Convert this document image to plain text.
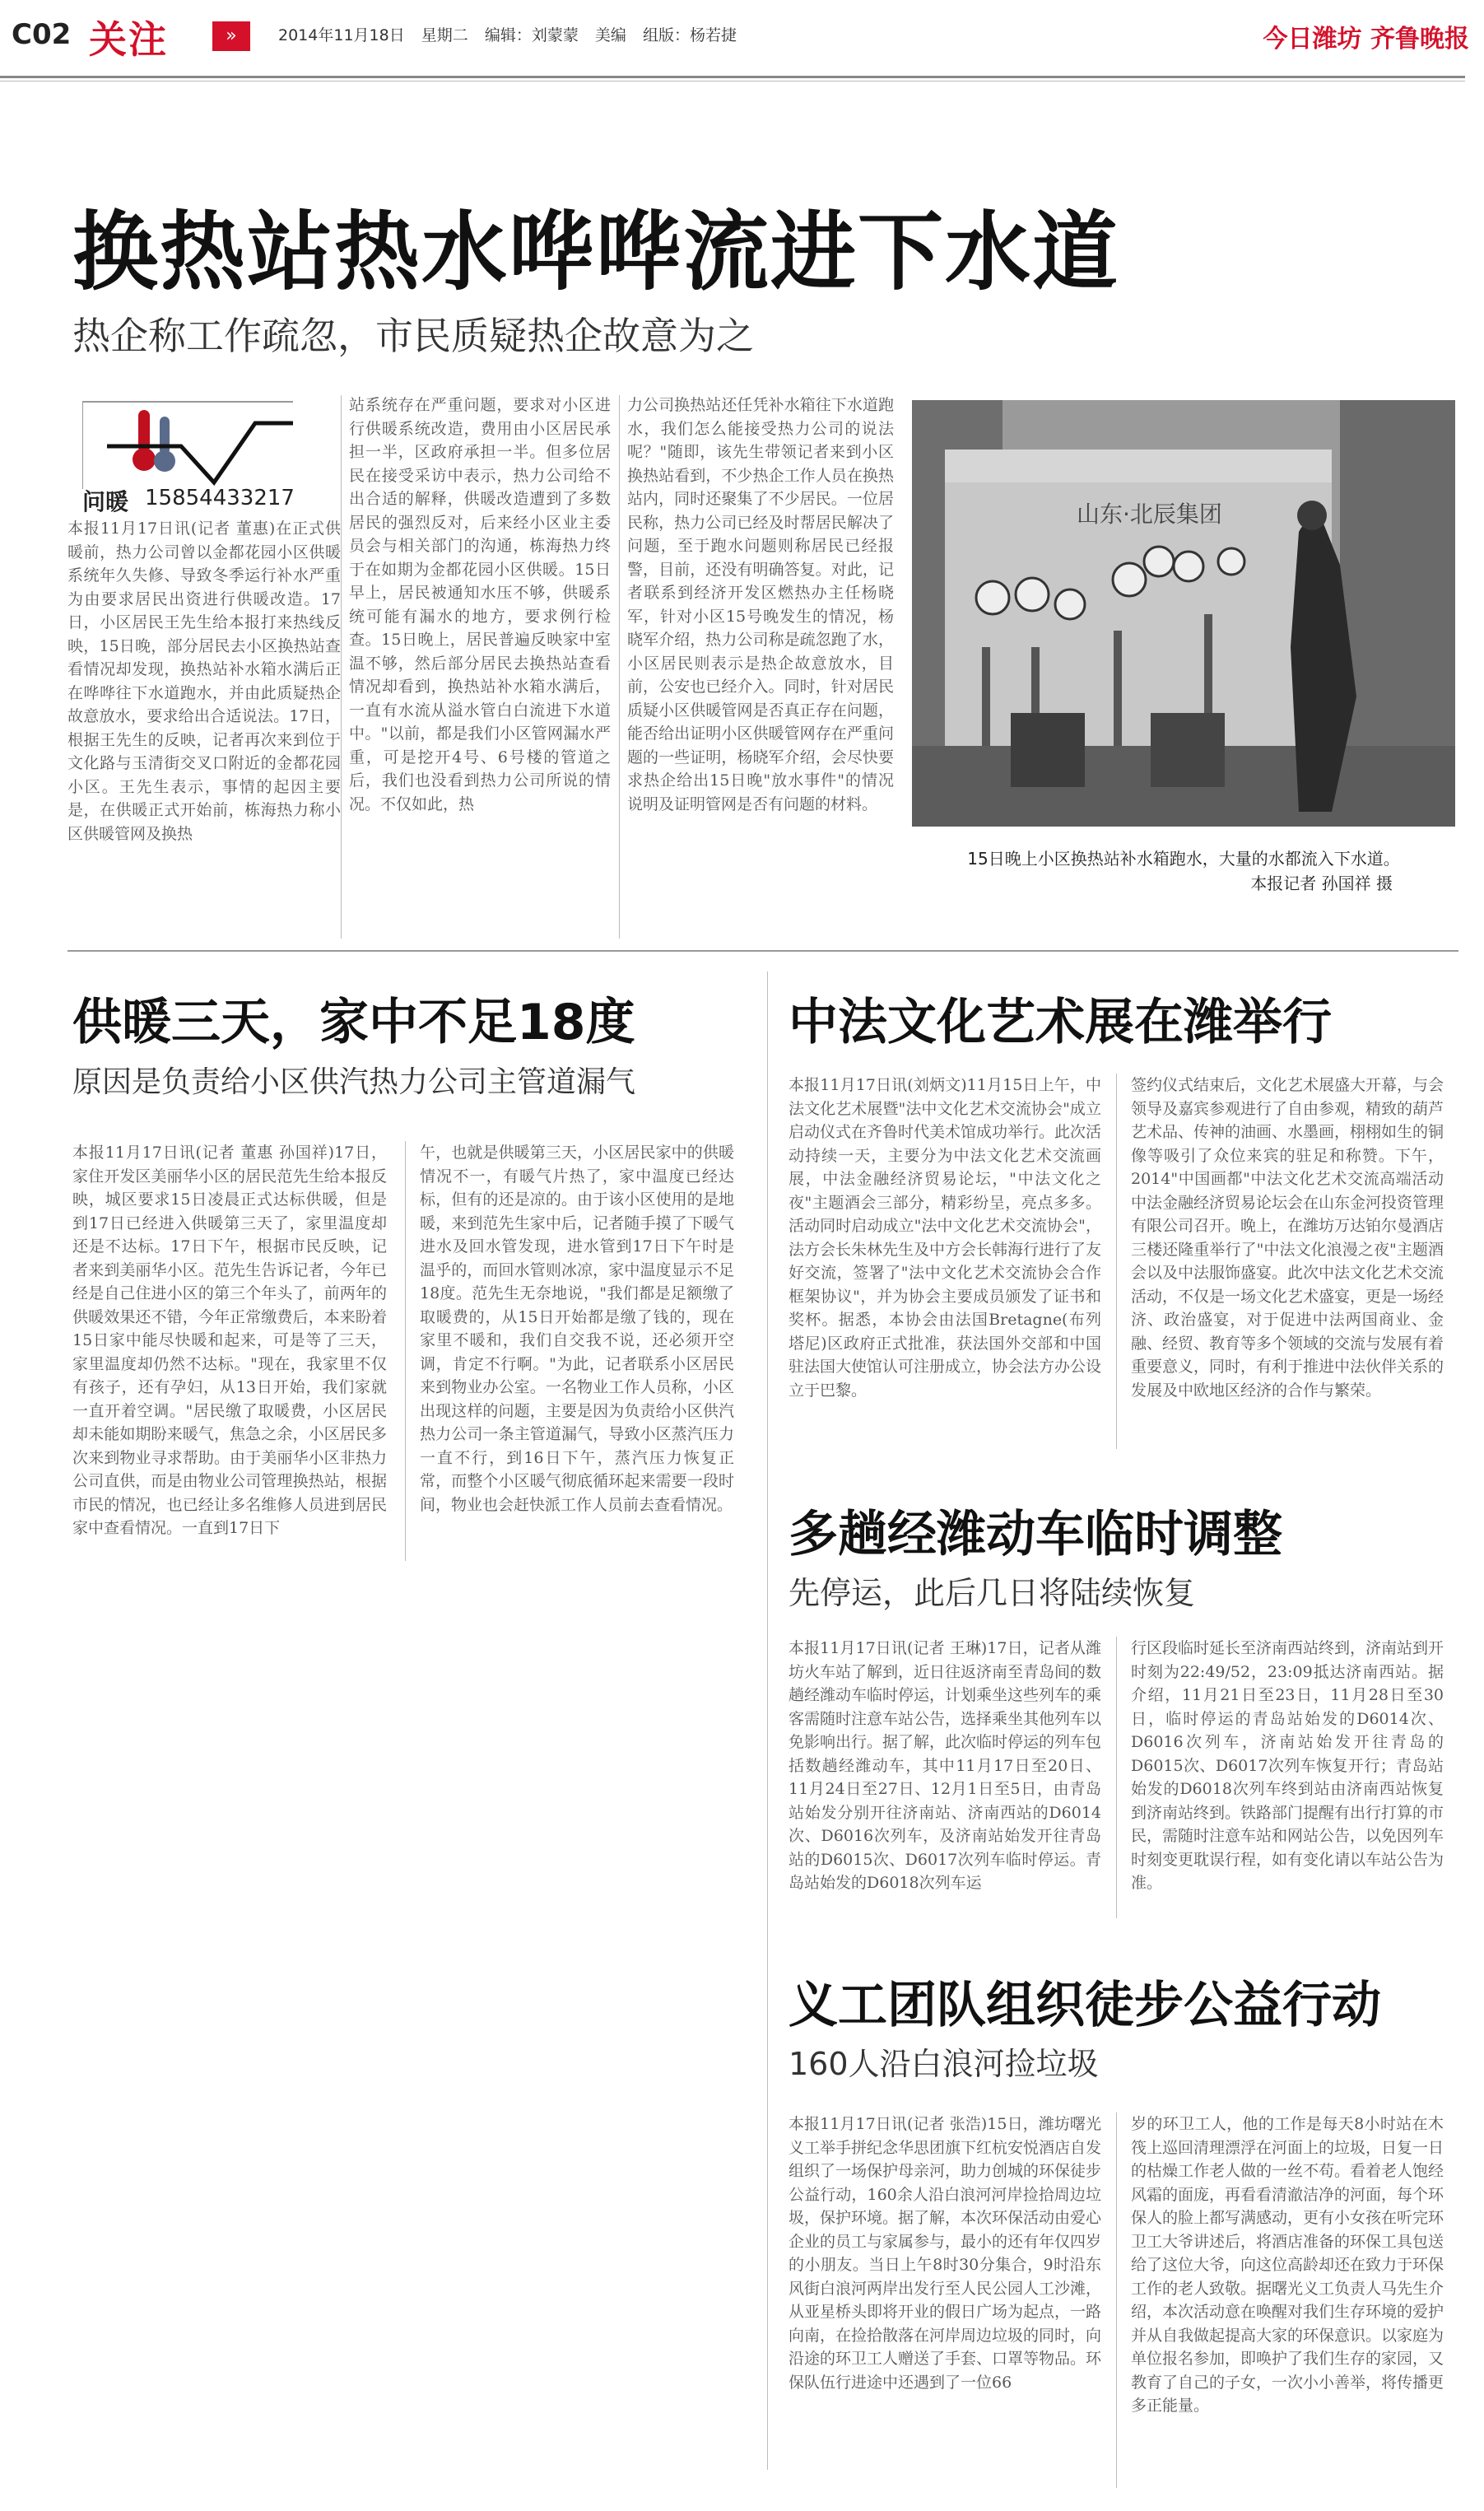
C02 关注	»	2014年11月18日 星期二 编辑：刘蒙蒙 美编 组版：杨若捷	今日潍坊 齐鲁晚报
换热站热水哗哗流进下水道
热企称工作疏忽，市民质疑热企故意为之
问暖 15854433217
本报11月17日讯(记者 董惠)在正式供暖前，热力公司曾以金都花园小区供暖系统年久失修、导致冬季运行补水严重为由要求居民出资进行供暖改造。17日，小区居民王先生给本报打来热线反映，15日晚，部分居民去小区换热站查看情况却发现，换热站补水箱水满后正在哗哗往下水道跑水，并由此质疑热企故意放水，要求给出合适说法。17日，根据王先生的反映，记者再次来到位于文化路与玉清街交叉口附近的金都花园小区。王先生表示，事情的起因主要是，在供暖正式开始前，栋海热力称小区供暖管网及换热
站系统存在严重问题，要求对小区进行供暖系统改造，费用由小区居民承担一半，区政府承担一半。但多位居民在接受采访中表示，热力公司给不出合适的解释，供暖改造遭到了多数居民的强烈反对，后来经小区业主委员会与相关部门的沟通，栋海热力终于在如期为金都花园小区供暖。15日早上，居民被通知水压不够，供暖系统可能有漏水的地方，要求例行检查。15日晚上，居民普遍反映家中室温不够，然后部分居民去换热站查看情况却看到，换热站补水箱水满后，一直有水流从溢水管白白流进下水道中。"以前，都是我们小区管网漏水严重，可是挖开4号、6号楼的管道之后，我们也没看到热力公司所说的情况。不仅如此，热
力公司换热站还任凭补水箱往下水道跑水，我们怎么能接受热力公司的说法呢？"随即，该先生带领记者来到小区换热站看到，不少热企工作人员在换热站内，同时还聚集了不少居民。一位居民称，热力公司已经及时帮居民解决了问题，至于跑水问题则称居民已经报警，目前，还没有明确答复。对此，记者联系到经济开发区燃热办主任杨晓军，针对小区15号晚发生的情况，杨晓军介绍，热力公司称是疏忽跑了水，小区居民则表示是热企故意放水，目前，公安也已经介入。同时，针对居民质疑小区供暖管网是否真正存在问题，能否给出证明小区供暖管网存在严重问题的一些证明，杨晓军介绍，会尽快要求热企给出15日晚"放水事件"的情况说明及证明管网是否有问题的材料。
山东·北辰集团
15日晚上小区换热站补水箱跑水，大量的水都流入下水道。
本报记者 孙国祥 摄
供暖三天，家中不足18度
原因是负责给小区供汽热力公司主管道漏气
本报11月17日讯(记者 董惠 孙国祥)17日，家住开发区美丽华小区的居民范先生给本报反映，城区要求15日凌晨正式达标供暖，但是到17日已经进入供暖第三天了，家里温度却还是不达标。17日下午，根据市民反映，记者来到美丽华小区。范先生告诉记者，今年已经是自己住进小区的第三个年头了，前两年的供暖效果还不错，今年正常缴费后，本来盼着15日家中能尽快暖和起来，可是等了三天，家里温度却仍然不达标。"现在，我家里不仅有孩子，还有孕妇，从13日开始，我们家就一直开着空调。"居民缴了取暖费，小区居民却未能如期盼来暖气，焦急之余，小区居民多次来到物业寻求帮助。由于美丽华小区非热力公司直供，而是由物业公司管理换热站，根据市民的情况，也已经让多名维修人员进到居民家中查看情况。一直到17日下
午，也就是供暖第三天，小区居民家中的供暖情况不一，有暖气片热了，家中温度已经达标，但有的还是凉的。由于该小区使用的是地暖，来到范先生家中后，记者随手摸了下暖气进水及回水管发现，进水管到17日下午时是温乎的，而回水管则冰凉，家中温度显示不足18度。范先生无奈地说，"我们都是足额缴了取暖费的，从15日开始都是缴了钱的，现在家里不暖和，我们自交我不说，还必须开空调，肯定不行啊。"为此，记者联系小区居民来到物业办公室。一名物业工作人员称，小区出现这样的问题，主要是因为负责给小区供汽热力公司一条主管道漏气，导致小区蒸汽压力一直不行，到16日下午，蒸汽压力恢复正常，而整个小区暖气彻底循环起来需要一段时间，物业也会赶快派工作人员前去查看情况。
中法文化艺术展在潍举行
本报11月17日讯(刘炳文)11月15日上午，中法文化艺术展暨"法中文化艺术交流协会"成立启动仪式在齐鲁时代美术馆成功举行。此次活动持续一天，主要分为中法文化艺术交流画展，中法金融经济贸易论坛，"中法文化之夜"主题酒会三部分，精彩纷呈，亮点多多。活动同时启动成立"法中文化艺术交流协会"，法方会长朱林先生及中方会长韩海行进行了友好交流，签署了"法中文化艺术交流协会合作框架协议"，并为协会主要成员颁发了证书和奖杯。据悉，本协会由法国Bretagne(布列塔尼)区政府正式批准，获法国外交部和中国驻法国大使馆认可注册成立，协会法方办公设立于巴黎。
签约仪式结束后，文化艺术展盛大开幕，与会领导及嘉宾参观进行了自由参观，精致的葫芦艺术品、传神的油画、水墨画，栩栩如生的铜像等吸引了众位来宾的驻足和称赞。下午，2014"中国画都"中法文化艺术交流高端活动中法金融经济贸易论坛会在山东金河投资管理有限公司召开。晚上，在潍坊万达铂尔曼酒店三楼还隆重举行了"中法文化浪漫之夜"主题酒会以及中法服饰盛宴。此次中法文化艺术交流活动，不仅是一场文化艺术盛宴，更是一场经济、政治盛宴，对于促进中法两国商业、金融、经贸、教育等多个领域的交流与发展有着重要意义，同时，有利于推进中法伙伴关系的发展及中欧地区经济的合作与繁荣。
多趟经潍动车临时调整
先停运，此后几日将陆续恢复
本报11月17日讯(记者 王琳)17日，记者从潍坊火车站了解到，近日往返济南至青岛间的数趟经潍动车临时停运，计划乘坐这些列车的乘客需随时注意车站公告，选择乘坐其他列车以免影响出行。据了解，此次临时停运的列车包括数趟经潍动车，其中11月17日至20日、11月24日至27日、12月1日至5日，由青岛站始发分别开往济南站、济南西站的D6014次、D6016次列车，及济南站始发开往青岛站的D6015次、D6017次列车临时停运。青岛站始发的D6018次列车运
行区段临时延长至济南西站终到，济南站到开时刻为22:49/52，23:09抵达济南西站。据介绍，11月21日至23日，11月28日至30日，临时停运的青岛站始发的D6014次、D6016次列车，济南站始发开往青岛的D6015次、D6017次列车恢复开行；青岛站始发的D6018次列车终到站由济南西站恢复到济南站终到。铁路部门提醒有出行打算的市民，需随时注意车站和网站公告，以免因列车时刻变更耽误行程，如有变化请以车站公告为准。
义工团队组织徒步公益行动
160人沿白浪河捡垃圾
本报11月17日讯(记者 张浩)15日，潍坊曙光义工举手拼纪念华思团旗下红杭安悦酒店自发组织了一场保护母亲河，助力创城的环保徒步公益行动，160余人沿白浪河河岸捡拾周边垃圾，保护环境。据了解，本次环保活动由爱心企业的员工与家属参与，最小的还有年仅四岁的小朋友。当日上午8时30分集合，9时沿东风街白浪河两岸出发行至人民公园人工沙滩，从亚星桥头即将开业的假日广场为起点，一路向南，在捡拾散落在河岸周边垃圾的同时，向沿途的环卫工人赠送了手套、口罩等物品。环保队伍行进途中还遇到了一位66
岁的环卫工人，他的工作是每天8小时站在木筏上巡回清理漂浮在河面上的垃圾，日复一日的枯燥工作老人做的一丝不苟。看着老人饱经风霜的面庞，再看看清澈洁净的河面，每个环保人的脸上都写满感动，更有小女孩在听完环卫工大爷讲述后，将酒店准备的环保工具包送给了这位大爷，向这位高龄却还在致力于环保工作的老人致敬。据曙光义工负责人马先生介绍，本次活动意在唤醒对我们生存环境的爱护并从自我做起提高大家的环保意识。以家庭为单位报名参加，即唤护了我们生存的家园，又教育了自己的子女，一次小小善举，将传播更多正能量。
